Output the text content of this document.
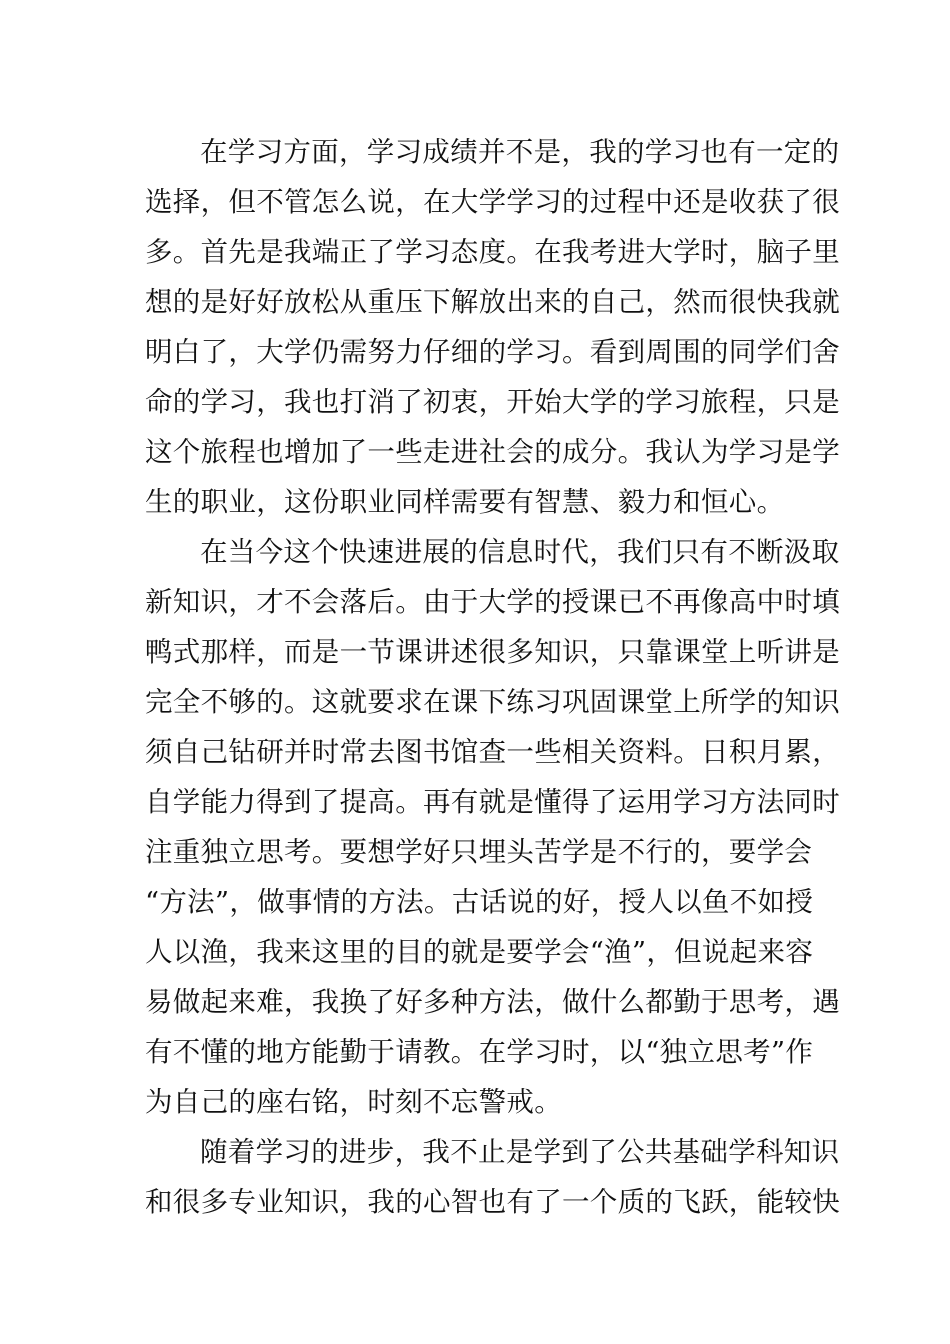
在学习方面，学习成绩并不是，我的学习也有一定的
选择，但不管怎么说，在大学学习的过程中还是收获了很
多。首先是我端正了学习态度。在我考进大学时，脑子里
想的是好好放松从重压下解放出来的自己，然而很快我就
明白了，大学仍需努力仔细的学习。看到周围的同学们舍
命的学习，我也打消了初衷，开始大学的学习旅程，只是
这个旅程也增加了一些走进社会的成分。我认为学习是学
生的职业，这份职业同样需要有智慧、毅力和恒心。
在当今这个快速进展的信息时代，我们只有不断汲取
新知识，才不会落后。由于大学的授课已不再像高中时填
鸭式那样，而是一节课讲述很多知识，只靠课堂上听讲是
完全不够的。这就要求在课下练习巩固课堂上所学的知识
须自己钻研并时常去图书馆查一些相关资料。日积月累，
自学能力得到了提高。再有就是懂得了运用学习方法同时
注重独立思考。要想学好只埋头苦学是不行的，要学会
“方法”，做事情的方法。古话说的好，授人以鱼不如授
人以渔，我来这里的目的就是要学会“渔”，但说起来容
易做起来难，我换了好多种方法，做什么都勤于思考，遇
有不懂的地方能勤于请教。在学习时，以“独立思考”作
为自己的座右铭，时刻不忘警戒。
随着学习的进步，我不止是学到了公共基础学科知识
和很多专业知识，我的心智也有了一个质的飞跃，能较快
